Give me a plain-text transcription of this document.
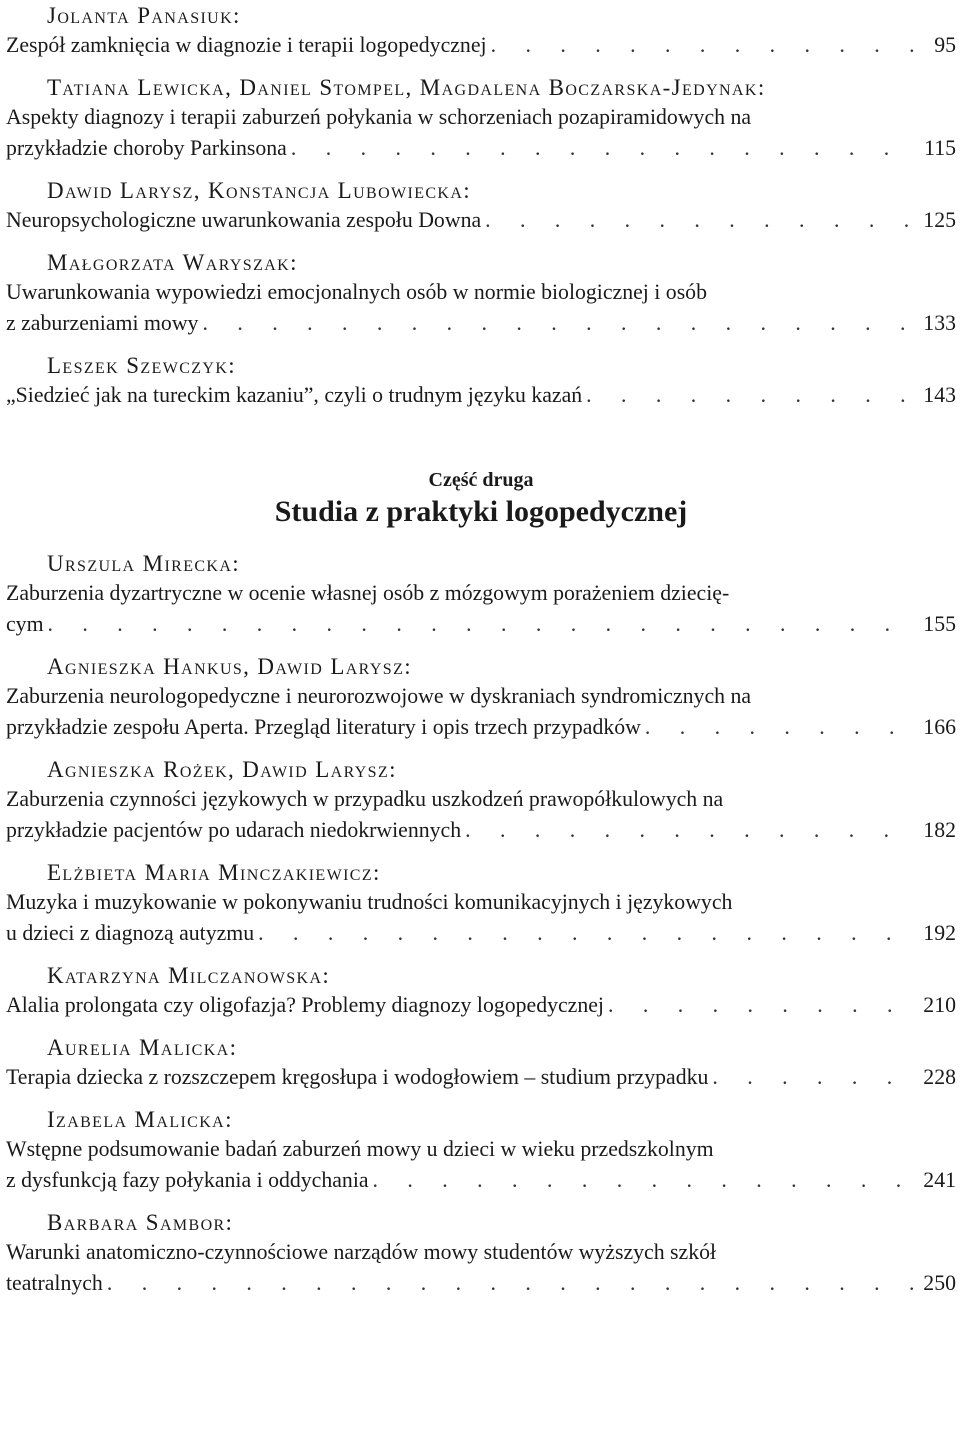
Jolanta Panasiuk:
Zespół zamknięcia w diagnozie i terapii logopedycznej . . .	95
Tatiana Lewicka, Daniel Stompel, Magdalena Boczarska-Jedynak:
Aspekty diagnozy i terapii zaburzeń połykania w schorzeniach pozapiramidowych na
przykładzie choroby Parkinsona . . .	115
Dawid Larysz, Konstancja Lubowiecka:
Neuropsychologiczne uwarunkowania zespołu Downa . . .	125
Małgorzata Waryszak:
Uwarunkowania wypowiedzi emocjonalnych osób w normie biologicznej i osób
z zaburzeniami mowy . . .	133
Leszek Szewczyk:
„Siedzieć jak na tureckim kazaniu”, czyli o trudnym języku kazań . . .	143
Część druga
Studia z praktyki logopedycznej
Urszula Mirecka:
Zaburzenia dyzartryczne w ocenie własnej osób z mózgowym porażeniem dziecię-
cym . . .	155
Agnieszka Hankus, Dawid Larysz:
Zaburzenia neurologopedyczne i neurorozwojowe w dyskraniach syndromicznych na
przykładzie zespołu Aperta. Przegląd literatury i opis trzech przypadków . . .	166
Agnieszka Rożek, Dawid Larysz:
Zaburzenia czynności językowych w przypadku uszkodzeń prawopółkulowych na
przykładzie pacjentów po udarach niedokrwiennych . . .	182
Elżbieta Maria Minczakiewicz:
Muzyka i muzykowanie w pokonywaniu trudności komunikacyjnych i językowych
u dzieci z diagnozą autyzmu . . .	192
Katarzyna Milczanowska:
Alalia prolongata czy oligofazja? Problemy diagnozy logopedycznej . . .	210
Aurelia Malicka:
Terapia dziecka z rozszczepem kręgosłupa i wodogłowiem – studium przypadku . . .	228
Izabela Malicka:
Wstępne podsumowanie badań zaburzeń mowy u dzieci w wieku przedszkolnym
z dysfunkcją fazy połykania i oddychania . . .	241
Barbara Sambor:
Warunki anatomiczno-czynnościowe narządów mowy studentów wyższych szkół
teatralnych . . .	250
